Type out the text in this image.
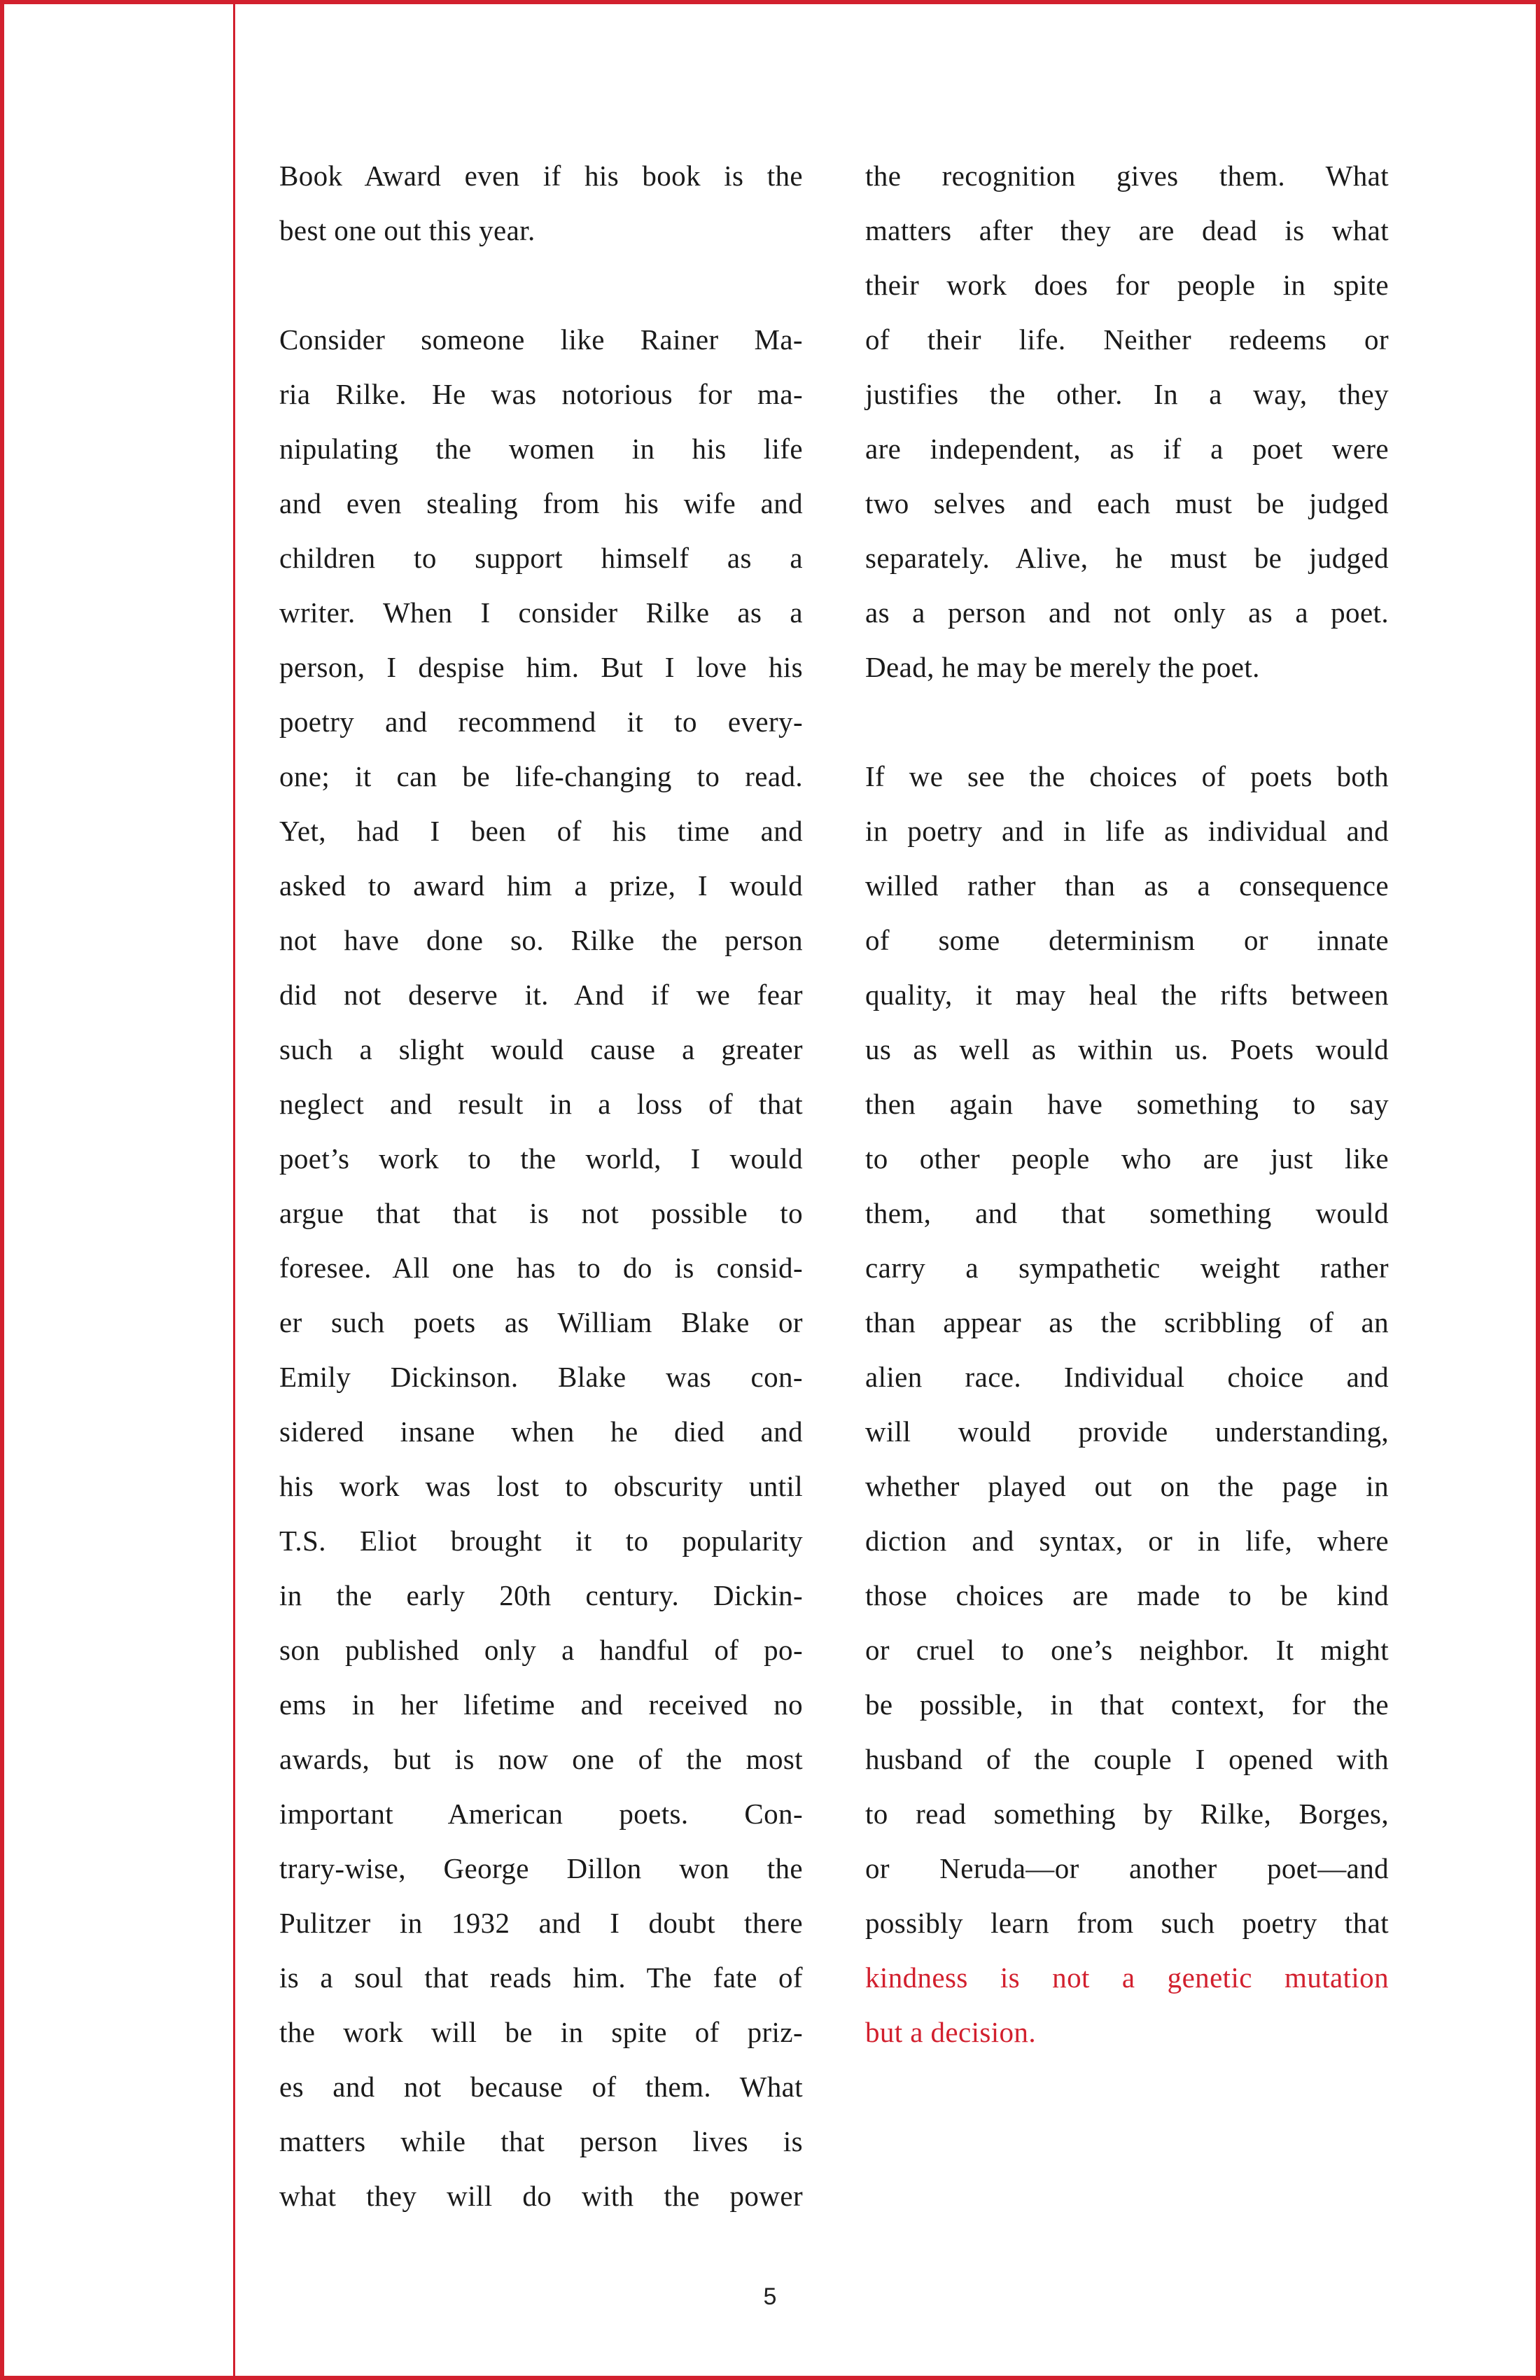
Book Award even if his book is the
best one out this year.
Consider someone like Rainer Ma-
ria Rilke. He was notorious for ma-
nipulating the women in his life
and even stealing from his wife and
children to support himself as a
writer. When I consider Rilke as a
person, I despise him. But I love his
poetry and recommend it to every-
one; it can be life-changing to read.
Yet, had I been of his time and
asked to award him a prize, I would
not have done so. Rilke the person
did not deserve it. And if we fear
such a slight would cause a greater
neglect and result in a loss of that
poet’s work to the world, I would
argue that that is not possible to
foresee. All one has to do is consid-
er such poets as William Blake or
Emily Dickinson. Blake was con-
sidered insane when he died and
his work was lost to obscurity until
T.S. Eliot brought it to popularity
in the early 20th century. Dickin-
son published only a handful of po-
ems in her lifetime and received no
awards, but is now one of the most
important American poets. Con-
trary-wise, George Dillon won the
Pulitzer in 1932 and I doubt there
is a soul that reads him. The fate of
the work will be in spite of priz-
es and not because of them. What
matters while that person lives is
what they will do with the power
the recognition gives them. What
matters after they are dead is what
their work does for people in spite
of their life. Neither redeems or
justifies the other. In a way, they
are independent, as if a poet were
two selves and each must be judged
separately. Alive, he must be judged
as a person and not only as a poet.
Dead, he may be merely the poet.
If we see the choices of poets both
in poetry and in life as individual and
willed rather than as a consequence
of some determinism or innate
quality, it may heal the rifts between
us as well as within us. Poets would
then again have something to say
to other people who are just like
them, and that something would
carry a sympathetic weight rather
than appear as the scribbling of an
alien race. Individual choice and
will would provide understanding,
whether played out on the page in
diction and syntax, or in life, where
those choices are made to be kind
or cruel to one’s neighbor. It might
be possible, in that context, for the
husband of the couple I opened with
to read something by Rilke, Borges,
or Neruda—or another poet—and
possibly learn from such poetry that
kindness is not a genetic mutation
but a decision.
5
